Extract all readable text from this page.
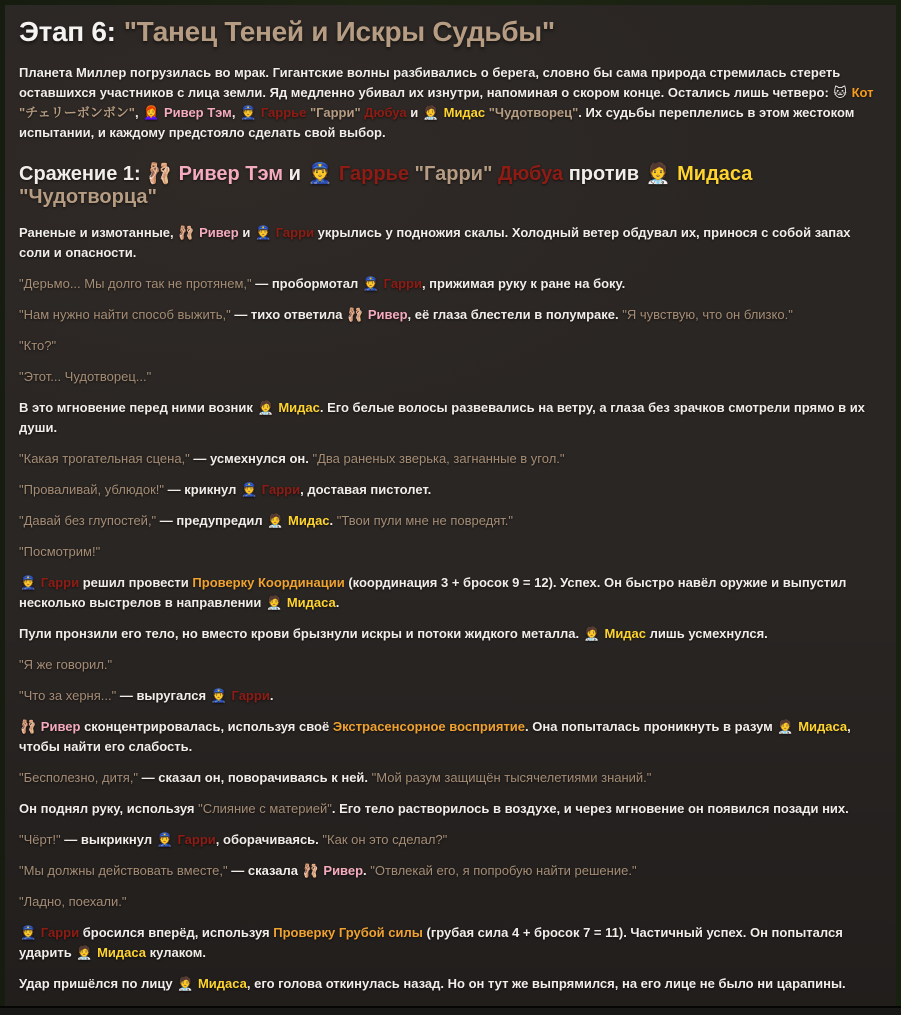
Этап 6: "Танец Теней и Искры Судьбы"

Планета Миллер погрузилась во мрак. Гигантские волны разбивались о берега, словно бы сама природа стремилась стереть оставшихся участников с лица земли. Яд медленно убивал их изнутри, напоминая о скором конце. Остались лишь четверо: 🐱 Кот "チェリーボンボン", 👩‍🦰 Ривер Тэм, 👮 Гаррье "Гарри" Дюбуа и 🧑‍⚕️ Мидас "Чудотворец". Их судьбы переплелись в этом жестоком испытании, и каждому предстояло сделать свой выбор.

Сражение 1: 🩰 Ривер Тэм и 👮 Гаррье "Гарри" Дюбуа против 🧑‍⚕️ Мидаса "Чудотворца"

Раненые и измотанные, 🩰 Ривер и 👮 Гарри укрылись у подножия скалы. Холодный ветер обдувал их, принося с собой запах соли и опасности.

"Дерьмо... Мы долго так не протянем," — пробормотал 👮 Гарри, прижимая руку к ране на боку.

"Нам нужно найти способ выжить," — тихо ответила 🩰 Ривер, её глаза блестели в полумраке. "Я чувствую, что он близко."

"Кто?"

"Этот... Чудотворец..."

В это мгновение перед ними возник 🧑‍⚕️ Мидас. Его белые волосы развевались на ветру, а глаза без зрачков смотрели прямо в их души.

"Какая трогательная сцена," — усмехнулся он. "Два раненых зверька, загнанные в угол."

"Проваливай, ублюдок!" — крикнул 👮 Гарри, доставая пистолет.

"Давай без глупостей," — предупредил 🧑‍⚕️ Мидас. "Твои пули мне не повредят."

"Посмотрим!"

👮 Гарри решил провести Проверку Координации (координация 3 + бросок 9 = 12). Успех. Он быстро навёл оружие и выпустил несколько выстрелов в направлении 🧑‍⚕️ Мидаса.

Пули пронзили его тело, но вместо крови брызнули искры и потоки жидкого металла. 🧑‍⚕️ Мидас лишь усмехнулся.

"Я же говорил."

"Что за херня..." — выругался 👮 Гарри.

🩰 Ривер сконцентрировалась, используя своё Экстрасенсорное восприятие. Она попыталась проникнуть в разум 🧑‍⚕️ Мидаса, чтобы найти его слабость.

"Бесполезно, дитя," — сказал он, поворачиваясь к ней. "Мой разум защищён тысячелетиями знаний."

Он поднял руку, используя "Слияние с материей". Его тело растворилось в воздухе, и через мгновение он появился позади них.

"Чёрт!" — выкрикнул 👮 Гарри, оборачиваясь. "Как он это сделал?"

"Мы должны действовать вместе," — сказала 🩰 Ривер. "Отвлекай его, я попробую найти решение."

"Ладно, поехали."

👮 Гарри бросился вперёд, используя Проверку Грубой силы (грубая сила 4 + бросок 7 = 11). Частичный успех. Он попытался ударить 🧑‍⚕️ Мидаса кулаком.

Удар пришёлся по лицу 🧑‍⚕️ Мидаса, его голова откинулась назад. Но он тут же выпрямился, на его лице не было ни царапины.
